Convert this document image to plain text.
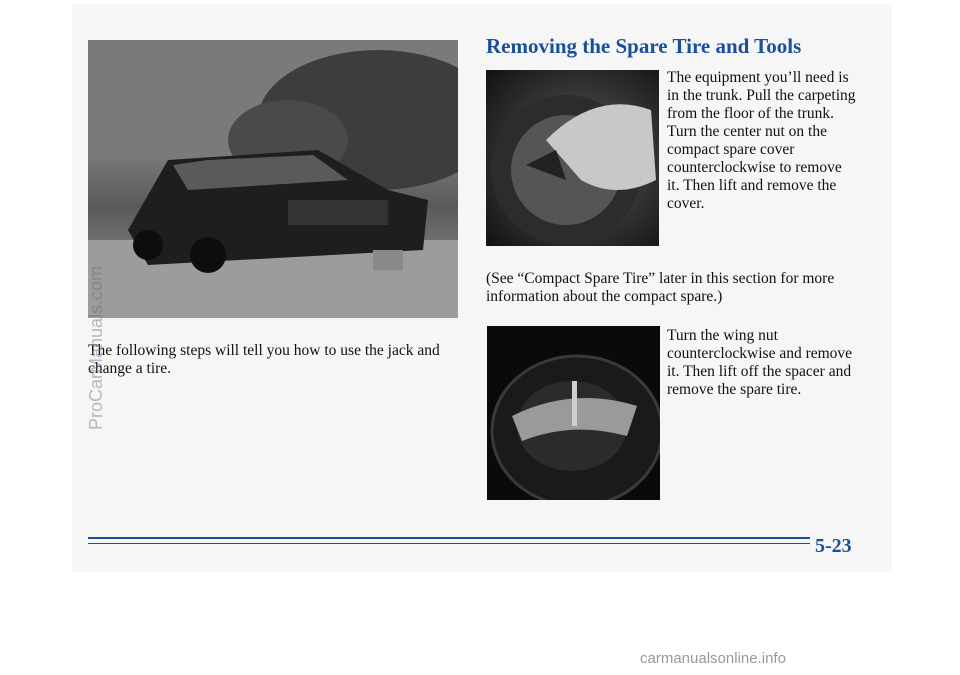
The following steps will tell you how to use the jack and change a tire.
Removing the Spare Tire and Tools
The equipment you’ll need is in the trunk. Pull the carpeting from the floor of the trunk. Turn the center nut on the compact spare cover counterclockwise to remove it. Then lift and remove the cover.
(See “Compact Spare Tire” later in this section for more information about the compact spare.)
Turn the wing nut counterclockwise and remove it. Then lift off the spacer and remove the spare tire.
5-23
ProCarManuals.com
carmanualsonline.info
